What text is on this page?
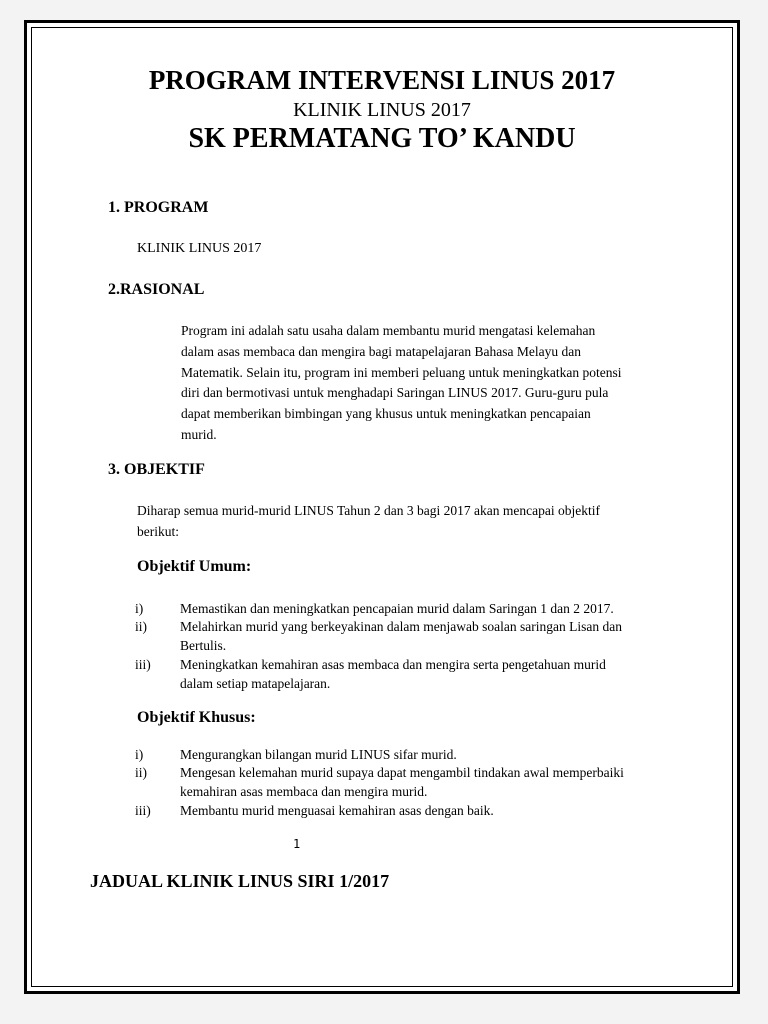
PROGRAM INTERVENSI LINUS 2017
KLINIK LINUS 2017
SK PERMATANG TO’ KANDU
1. PROGRAM
KLINIK LINUS 2017
2.RASIONAL
Program ini adalah satu usaha dalam membantu murid mengatasi kelemahan
dalam asas membaca dan mengira bagi matapelajaran Bahasa Melayu dan
Matematik. Selain itu, program ini memberi peluang untuk meningkatkan potensi
diri dan bermotivasi untuk menghadapi Saringan LINUS 2017. Guru-guru pula
dapat memberikan bimbingan yang khusus untuk meningkatkan pencapaian
murid.
3. OBJEKTIF
Diharap semua murid-murid LINUS Tahun 2 dan 3 bagi 2017 akan mencapai objektif
berikut:
Objektif Umum:
i)	Memastikan dan meningkatkan pencapaian murid dalam Saringan 1 dan 2 2017.
ii) Melahirkan murid yang berkeyakinan dalam menjawab soalan saringan Lisan dan
Bertulis.
iii) Meningkatkan kemahiran asas membaca dan mengira serta pengetahuan murid
dalam setiap matapelajaran.
Objektif Khusus:
i)	Mengurangkan bilangan murid LINUS sifar murid.
ii) Mengesan kelemahan murid supaya dapat mengambil tindakan awal memperbaiki
kemahiran asas membaca dan mengira murid.
iii) Membantu murid menguasai kemahiran asas dengan baik.
1
JADUAL KLINIK LINUS SIRI 1/2017
